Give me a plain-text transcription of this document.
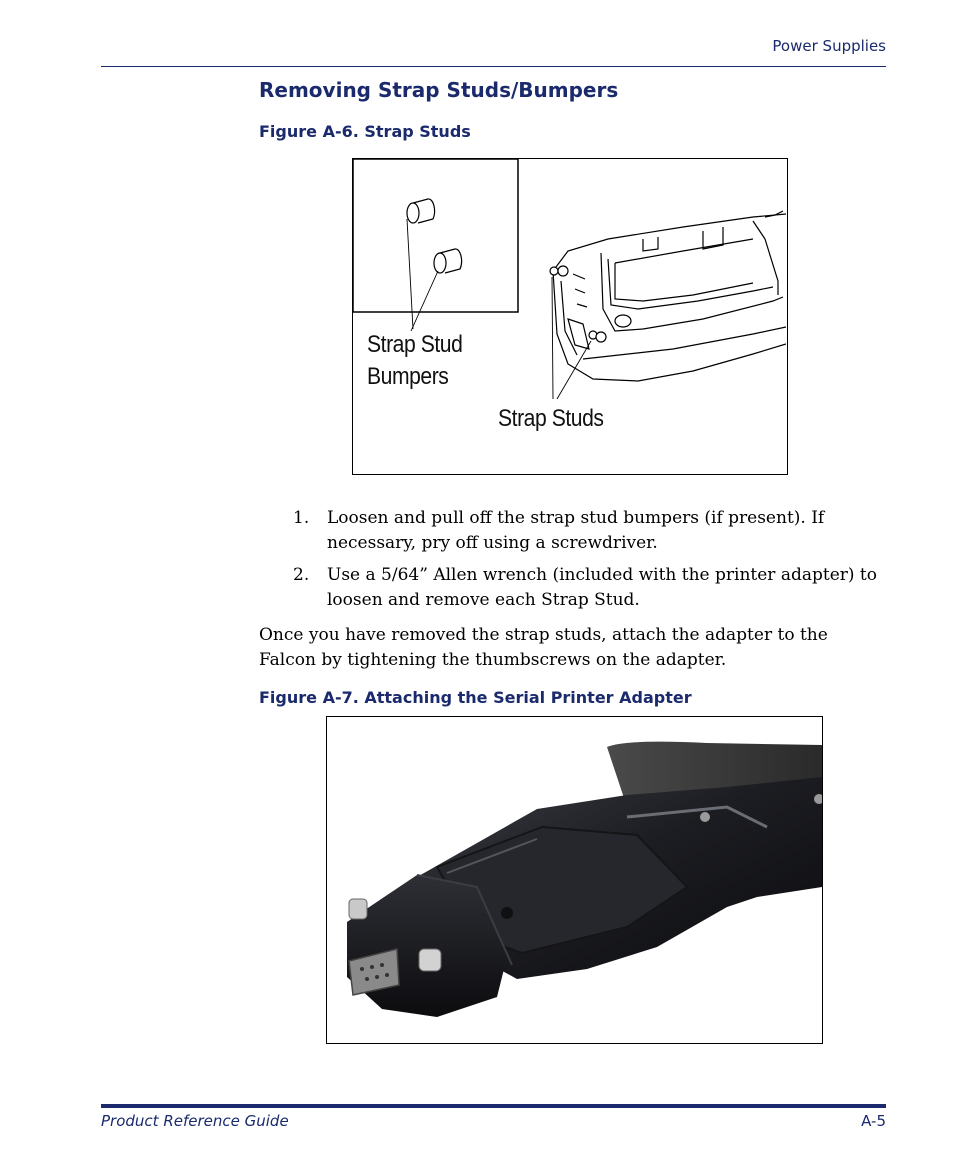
Power Supplies
Removing Strap Studs/Bumpers
Figure A-6. Strap Studs
Strap Stud
Bumpers
Strap Studs
1. Loosen and pull off the strap stud bumpers (if present). If necessary, pry off using a screwdriver.
2. Use a 5/64” Allen wrench (included with the printer adapter) to loosen and remove each Strap Stud.
Once you have removed the strap studs, attach the adapter to the Falcon by tightening the thumbscrews on the adapter.
Figure A-7. Attaching the Serial Printer Adapter
Product Reference Guide	A-5
